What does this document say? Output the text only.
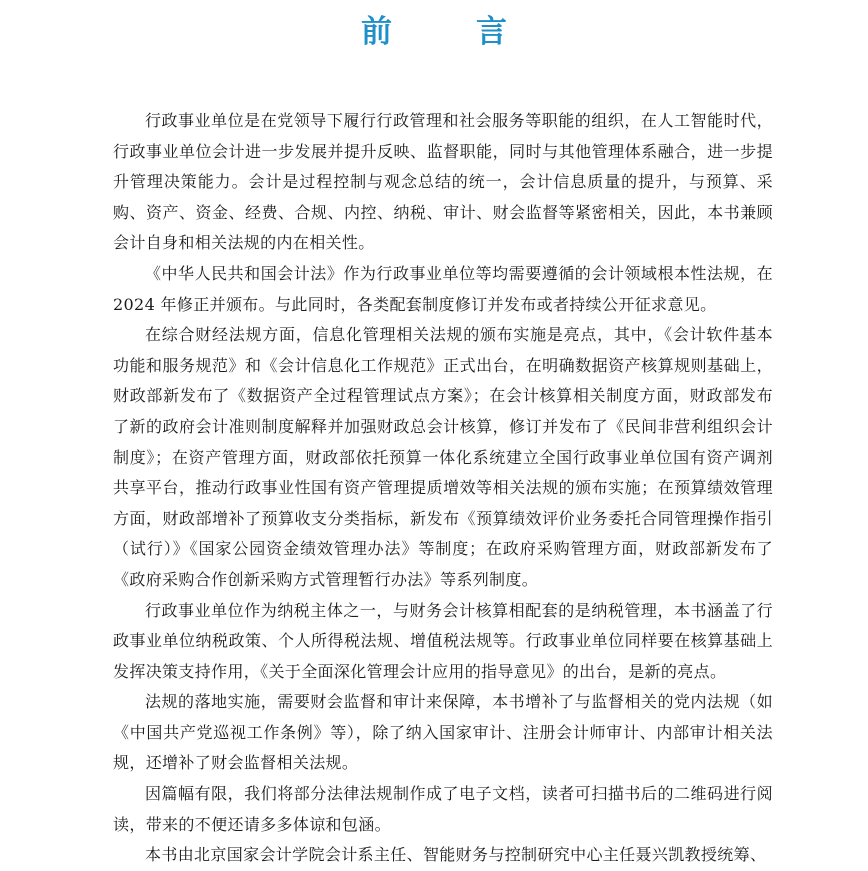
前言

行政事业单位是在党领导下履行行政管理和社会服务等职能的组织，在人工智能时代，行政事业单位会计进一步发展并提升反映、监督职能，同时与其他管理体系融合，进一步提升管理决策能力。会计是过程控制与观念总结的统一，会计信息质量的提升，与预算、采购、资产、资金、经费、合规、内控、纳税、审计、财会监督等紧密相关，因此，本书兼顾会计自身和相关法规的内在相关性。

《中华人民共和国会计法》作为行政事业单位等均需要遵循的会计领域根本性法规，在 2024 年修正并颁布。与此同时，各类配套制度修订并发布或者持续公开征求意见。

在综合财经法规方面，信息化管理相关法规的颁布实施是亮点，其中，《会计软件基本功能和服务规范》和《会计信息化工作规范》正式出台，在明确数据资产核算规则基础上，财政部新发布了《数据资产全过程管理试点方案》；在会计核算相关制度方面，财政部发布了新的政府会计准则制度解释并加强财政总会计核算，修订并发布了《民间非营利组织会计制度》；在资产管理方面，财政部依托预算一体化系统建立全国行政事业单位国有资产调剂共享平台，推动行政事业性国有资产管理提质增效等相关法规的颁布实施；在预算绩效管理方面，财政部增补了预算收支分类指标，新发布《预算绩效评价业务委托合同管理操作指引（试行）》《国家公园资金绩效管理办法》等制度；在政府采购管理方面，财政部新发布了《政府采购合作创新采购方式管理暂行办法》等系列制度。

行政事业单位作为纳税主体之一，与财务会计核算相配套的是纳税管理，本书涵盖了行政事业单位纳税政策、个人所得税法规、增值税法规等。行政事业单位同样要在核算基础上发挥决策支持作用，《关于全面深化管理会计应用的指导意见》的出台，是新的亮点。

法规的落地实施，需要财会监督和审计来保障，本书增补了与监督相关的党内法规（如《中国共产党巡视工作条例》等），除了纳入国家审计、注册会计师审计、内部审计相关法规，还增补了财会监督相关法规。

因篇幅有限，我们将部分法律法规制作成了电子文档，读者可扫描书后的二维码进行阅读，带来的不便还请多多体谅和包涵。

本书由北京国家会计学院会计系主任、智能财务与控制研究中心主任聂兴凯教授统筹、
